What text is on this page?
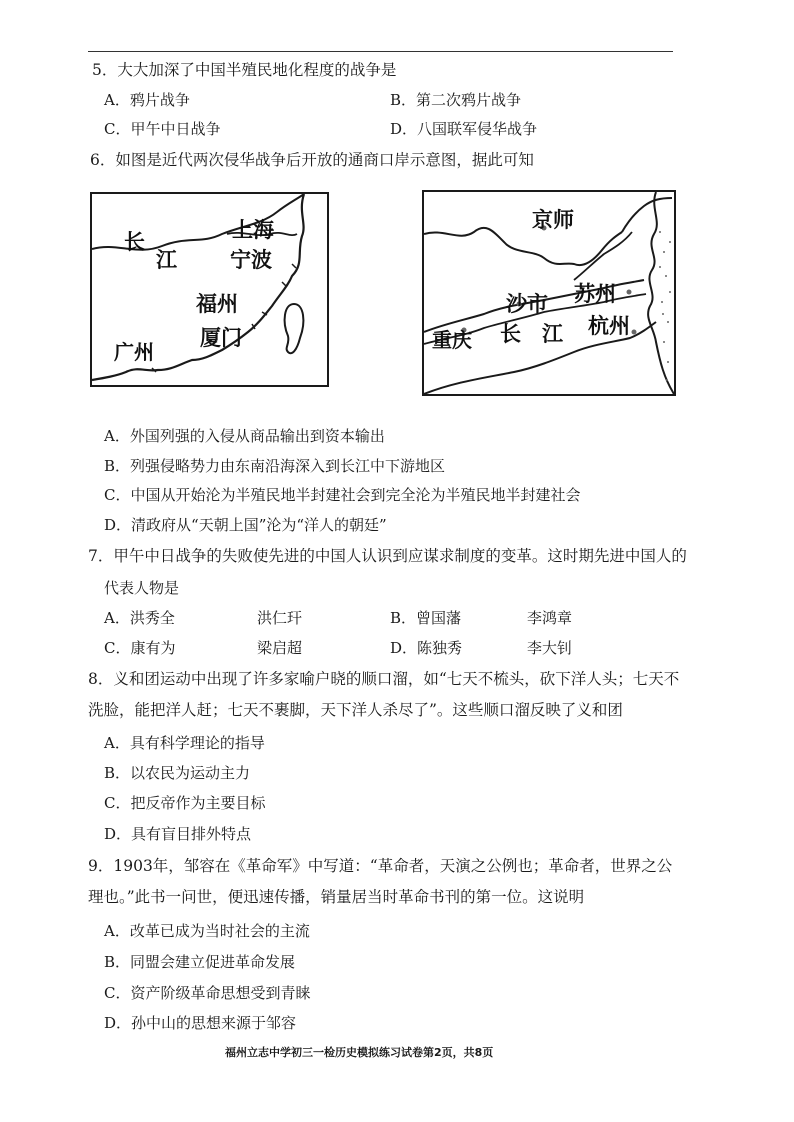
5．大大加深了中国半殖民地化程度的战争是
A．鸦片战争	B．第二次鸦片战争
C．甲午中日战争	D．八国联军侵华战争
6．如图是近代两次侵华战争后开放的通商口岸示意图，据此可知
长
江
上海
宁波
福州
厦门
广州
京师
苏州
沙市
长 江 杭州
重庆
A．外国列强的入侵从商品输出到资本输出
B．列强侵略势力由东南沿海深入到长江中下游地区
C．中国从开始沦为半殖民地半封建社会到完全沦为半殖民地半封建社会
D．清政府从“天朝上国”沦为“洋人的朝廷”
7．甲午中日战争的失败使先进的中国人认识到应谋求制度的变革。这时期先进中国人的
代表人物是
A．洪秀全	洪仁玕	B．曾国藩	李鸿章
C．康有为	梁启超	D．陈独秀	李大钊
8．义和团运动中出现了许多家喻户晓的顺口溜，如“七天不梳头，砍下洋人头；七天不
洗脸，能把洋人赶；七天不裹脚，天下洋人杀尽了”。这些顺口溜反映了义和团
A．具有科学理论的指导
B．以农民为运动主力
C．把反帝作为主要目标
D．具有盲目排外特点
9．1903年，邹容在《革命军》中写道：“革命者，天演之公例也；革命者，世界之公
理也。”此书一问世，便迅速传播，销量居当时革命书刊的第一位。这说明
A．改革已成为当时社会的主流
B．同盟会建立促进革命发展
C．资产阶级革命思想受到青睐
D．孙中山的思想来源于邹容
福州立志中学初三一检历史模拟练习试卷第2页，共8页
